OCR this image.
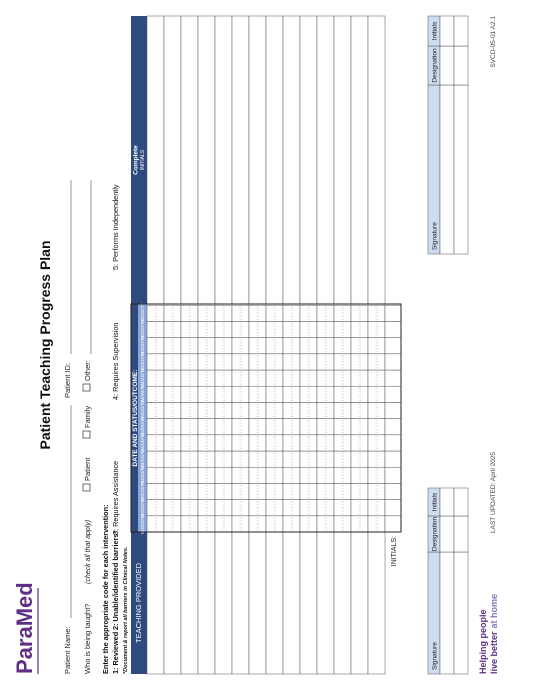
ParaMed
Patient Teaching Progress Plan
Patient Name:
Patient ID:
Who is being taught?
(check all that apply)
Patient
Family
Other:
Enter the appropriate code for each intervention: 1: Reviewed
2: Unable/identified barriers*
3: Requires Assistance
4: Requires Supervision
5: Performs Independently
*Document & report all barriers in Clinical Notes. TEACHING PROVIDED
DATE AND STATUS/OUTCOME:
Complete INITIALS
MM/DD/YY
MM/DD/YY
MM/DD/YY
MM/DD/YY
MM/DD/YY
MM/DD/YY
MM/DD/YY
MM/DD/YY
MM/DD/YY
MM/DD/YY
MM/DD/YY
MM/DD/YY
MM/DD/YY
MM/DD/YY
1 2 3 4 5
1 2 3 4 5
1 2 3 4 5
1 2 3 4 5
1 2 3 4 5
1 2 3 4 5
1 2 3 4 5
1 2 3 4 5
1 2 3 4 5
1 2 3 4 5
1 2 3 4 5
1 2 3 4 5
1 2 3 4 5
1 2 3 4 5
1 2 3 4 5
1 2 3 4 5
1 2 3 4 5
1 2 3 4 5
1 2 3 4 5
1 2 3 4 5
1 2 3 4 5
1 2 3 4 5
1 2 3 4 5
1 2 3 4 5
1 2 3 4 5
1 2 3 4 5
1 2 3 4 5
1 2 3 4 5
1 2 3 4 5
1 2 3 4 5
1 2 3 4 5
1 2 3 4 5
1 2 3 4 5
1 2 3 4 5
1 2 3 4 5
1 2 3 4 5
1 2 3 4 5
1 2 3 4 5
1 2 3 4 5
1 2 3 4 5
1 2 3 4 5
1 2 3 4 5
1 2 3 4 5
1 2 3 4 5
1 2 3 4 5
1 2 3 4 5
1 2 3 4 5
1 2 3 4 5
1 2 3 4 5
1 2 3 4 5
1 2 3 4 5
1 2 3 4 5
1 2 3 4 5
1 2 3 4 5
1 2 3 4 5
1 2 3 4 5
1 2 3 4 5
1 2 3 4 5
1 2 3 4 5
1 2 3 4 5
1 2 3 4 5
1 2 3 4 5
1 2 3 4 5
1 2 3 4 5
1 2 3 4 5
1 2 3 4 5
1 2 3 4 5
1 2 3 4 5
1 2 3 4 5
1 2 3 4 5
1 2 3 4 5
1 2 3 4 5
1 2 3 4 5
1 2 3 4 5
1 2 3 4 5
1 2 3 4 5
1 2 3 4 5
1 2 3 4 5
1 2 3 4 5
1 2 3 4 5
1 2 3 4 5
1 2 3 4 5
1 2 3 4 5
1 2 3 4 5
1 2 3 4 5
1 2 3 4 5
1 2 3 4 5
1 2 3 4 5
1 2 3 4 5
1 2 3 4 5
1 2 3 4 5
1 2 3 4 5
1 2 3 4 5
1 2 3 4 5
1 2 3 4 5
1 2 3 4 5
1 2 3 4 5
1 2 3 4 5
1 2 3 4 5
1 2 3 4 5
1 2 3 4 5
1 2 3 4 5
1 2 3 4 5
1 2 3 4 5
1 2 3 4 5
1 2 3 4 5
1 2 3 4 5
1 2 3 4 5
1 2 3 4 5
1 2 3 4 5
1 2 3 4 5
1 2 3 4 5
1 2 3 4 5
1 2 3 4 5
1 2 3 4 5
1 2 3 4 5
1 2 3 4 5
1 2 3 4 5
1 2 3 4 5
1 2 3 4 5
1 2 3 4 5
1 2 3 4 5
1 2 3 4 5
1 2 3 4 5
1 2 3 4 5
1 2 3 4 5
1 2 3 4 5
1 2 3 4 5
1 2 3 4 5
1 2 3 4 5
1 2 3 4 5
1 2 3 4 5
1 2 3 4 5
1 2 3 4 5
1 2 3 4 5
1 2 3 4 5
1 2 3 4 5
1 2 3 4 5
1 2 3 4 5
1 2 3 4 5
1 2 3 4 5
1 2 3 4 5
1 2 3 4 5
1 2 3 4 5
1 2 3 4 5
1 2 3 4 5
1 2 3 4 5
1 2 3 4 5
1 2 3 4 5
1 2 3 4 5
1 2 3 4 5
1 2 3 4 5
1 2 3 4 5
1 2 3 4 5
1 2 3 4 5
1 2 3 4 5
1 2 3 4 5
1 2 3 4 5
1 2 3 4 5
1 2 3 4 5
1 2 3 4 5
1 2 3 4 5
1 2 3 4 5
1 2 3 4 5
1 2 3 4 5
1 2 3 4 5
1 2 3 4 5
1 2 3 4 5
1 2 3 4 5
1 2 3 4 5
1 2 3 4 5
1 2 3 4 5
1 2 3 4 5
1 2 3 4 5
1 2 3 4 5
1 2 3 4 5
1 2 3 4 5
1 2 3 4 5
1 2 3 4 5
1 2 3 4 5
1 2 3 4 5
1 2 3 4 5
1 2 3 4 5
1 2 3 4 5
1 2 3 4 5
1 2 3 4 5
1 2 3 4 5
1 2 3 4 5
1 2 3 4 5
1 2 3 4 5
1 2 3 4 5
1 2 3 4 5
1 2 3 4 5
1 2 3 4 5
1 2 3 4 5
1 2 3 4 5
INITIALS:
Signature
Designation
Initials
Signature
Designation
Initials
Helping people live betterat home
LAST UPDATED: April 2025
SVCD-05-01 A2.1
